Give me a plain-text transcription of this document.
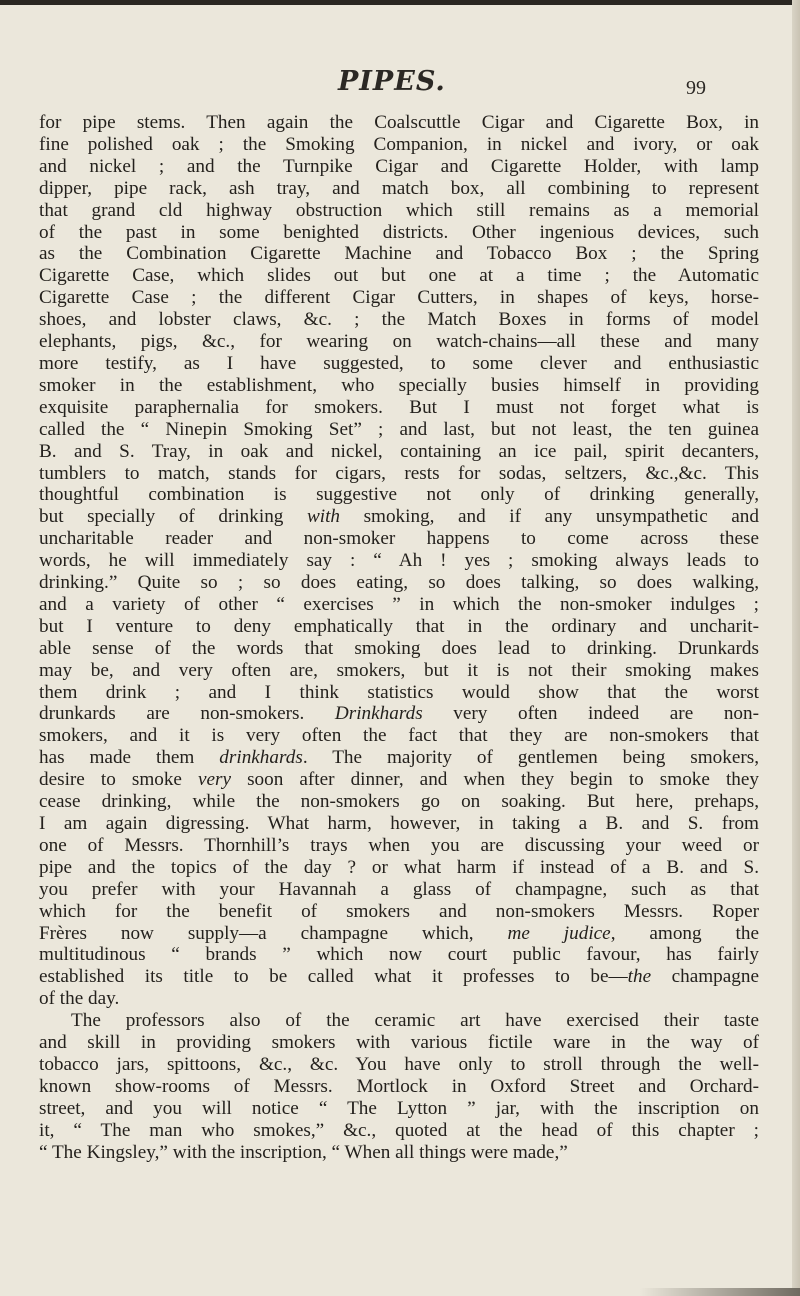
PIPES.	99

for pipe stems. Then again the Coalscuttle Cigar and Cigarette Box, in
fine polished oak ; the Smoking Companion, in nickel and ivory, or oak
and nickel ; and the Turnpike Cigar and Cigarette Holder, with lamp
dipper, pipe rack, ash tray, and match box, all combining to represent
that grand cld highway obstruction which still remains as a memorial
of the past in some benighted districts. Other ingenious devices, such
as the Combination Cigarette Machine and Tobacco Box ; the Spring
Cigarette Case, which slides out but one at a time ; the Automatic
Cigarette Case ; the different Cigar Cutters, in shapes of keys, horse-
shoes, and lobster claws, &c. ; the Match Boxes in forms of model
elephants, pigs, &c., for wearing on watch-chains—all these and many
more testify, as I have suggested, to some clever and enthusiastic
smoker in the establishment, who specially busies himself in providing
exquisite paraphernalia for smokers. But I must not forget what is
called the “ Ninepin Smoking Set” ; and last, but not least, the ten guinea
B. and S. Tray, in oak and nickel, containing an ice pail, spirit decanters,
tumblers to match, stands for cigars, rests for sodas, seltzers, &c.,&c. This
thoughtful combination is suggestive not only of drinking generally,
but specially of drinking with smoking, and if any unsympathetic and
uncharitable reader and non-smoker happens to come across these
words, he will immediately say : “ Ah ! yes ; smoking always leads to
drinking.” Quite so ; so does eating, so does talking, so does walking,
and a variety of other “ exercises ” in which the non-smoker indulges ;
but I venture to deny emphatically that in the ordinary and uncharit-
able sense of the words that smoking does lead to drinking. Drunkards
may be, and very often are, smokers, but it is not their smoking makes
them drink ; and I think statistics would show that the worst
drunkards are non-smokers. Drinkhards very often indeed are non-
smokers, and it is very often the fact that they are non-smokers that
has made them drinkhards. The majority of gentlemen being smokers,
desire to smoke very soon after dinner, and when they begin to smoke they
cease drinking, while the non-smokers go on soaking. But here, prehaps,
I am again digressing. What harm, however, in taking a B. and S. from
one of Messrs. Thornhill’s trays when you are discussing your weed or
pipe and the topics of the day ? or what harm if instead of a B. and S.
you prefer with your Havannah a glass of champagne, such as that
which for the benefit of smokers and non-smokers Messrs. Roper
Frères now supply—a champagne which, me judice, among the
multitudinous “ brands ” which now court public favour, has fairly
established its title to be called what it professes to be—the champagne
of the day.

The professors also of the ceramic art have exercised their taste
and skill in providing smokers with various fictile ware in the way of
tobacco jars, spittoons, &c., &c. You have only to stroll through the well-
known show-rooms of Messrs. Mortlock in Oxford Street and Orchard-
street, and you will notice “ The Lytton ” jar, with the inscription on
it, “ The man who smokes,” &c., quoted at the head of this chapter ;
“ The Kingsley,” with the inscription, “ When all things were made,”
